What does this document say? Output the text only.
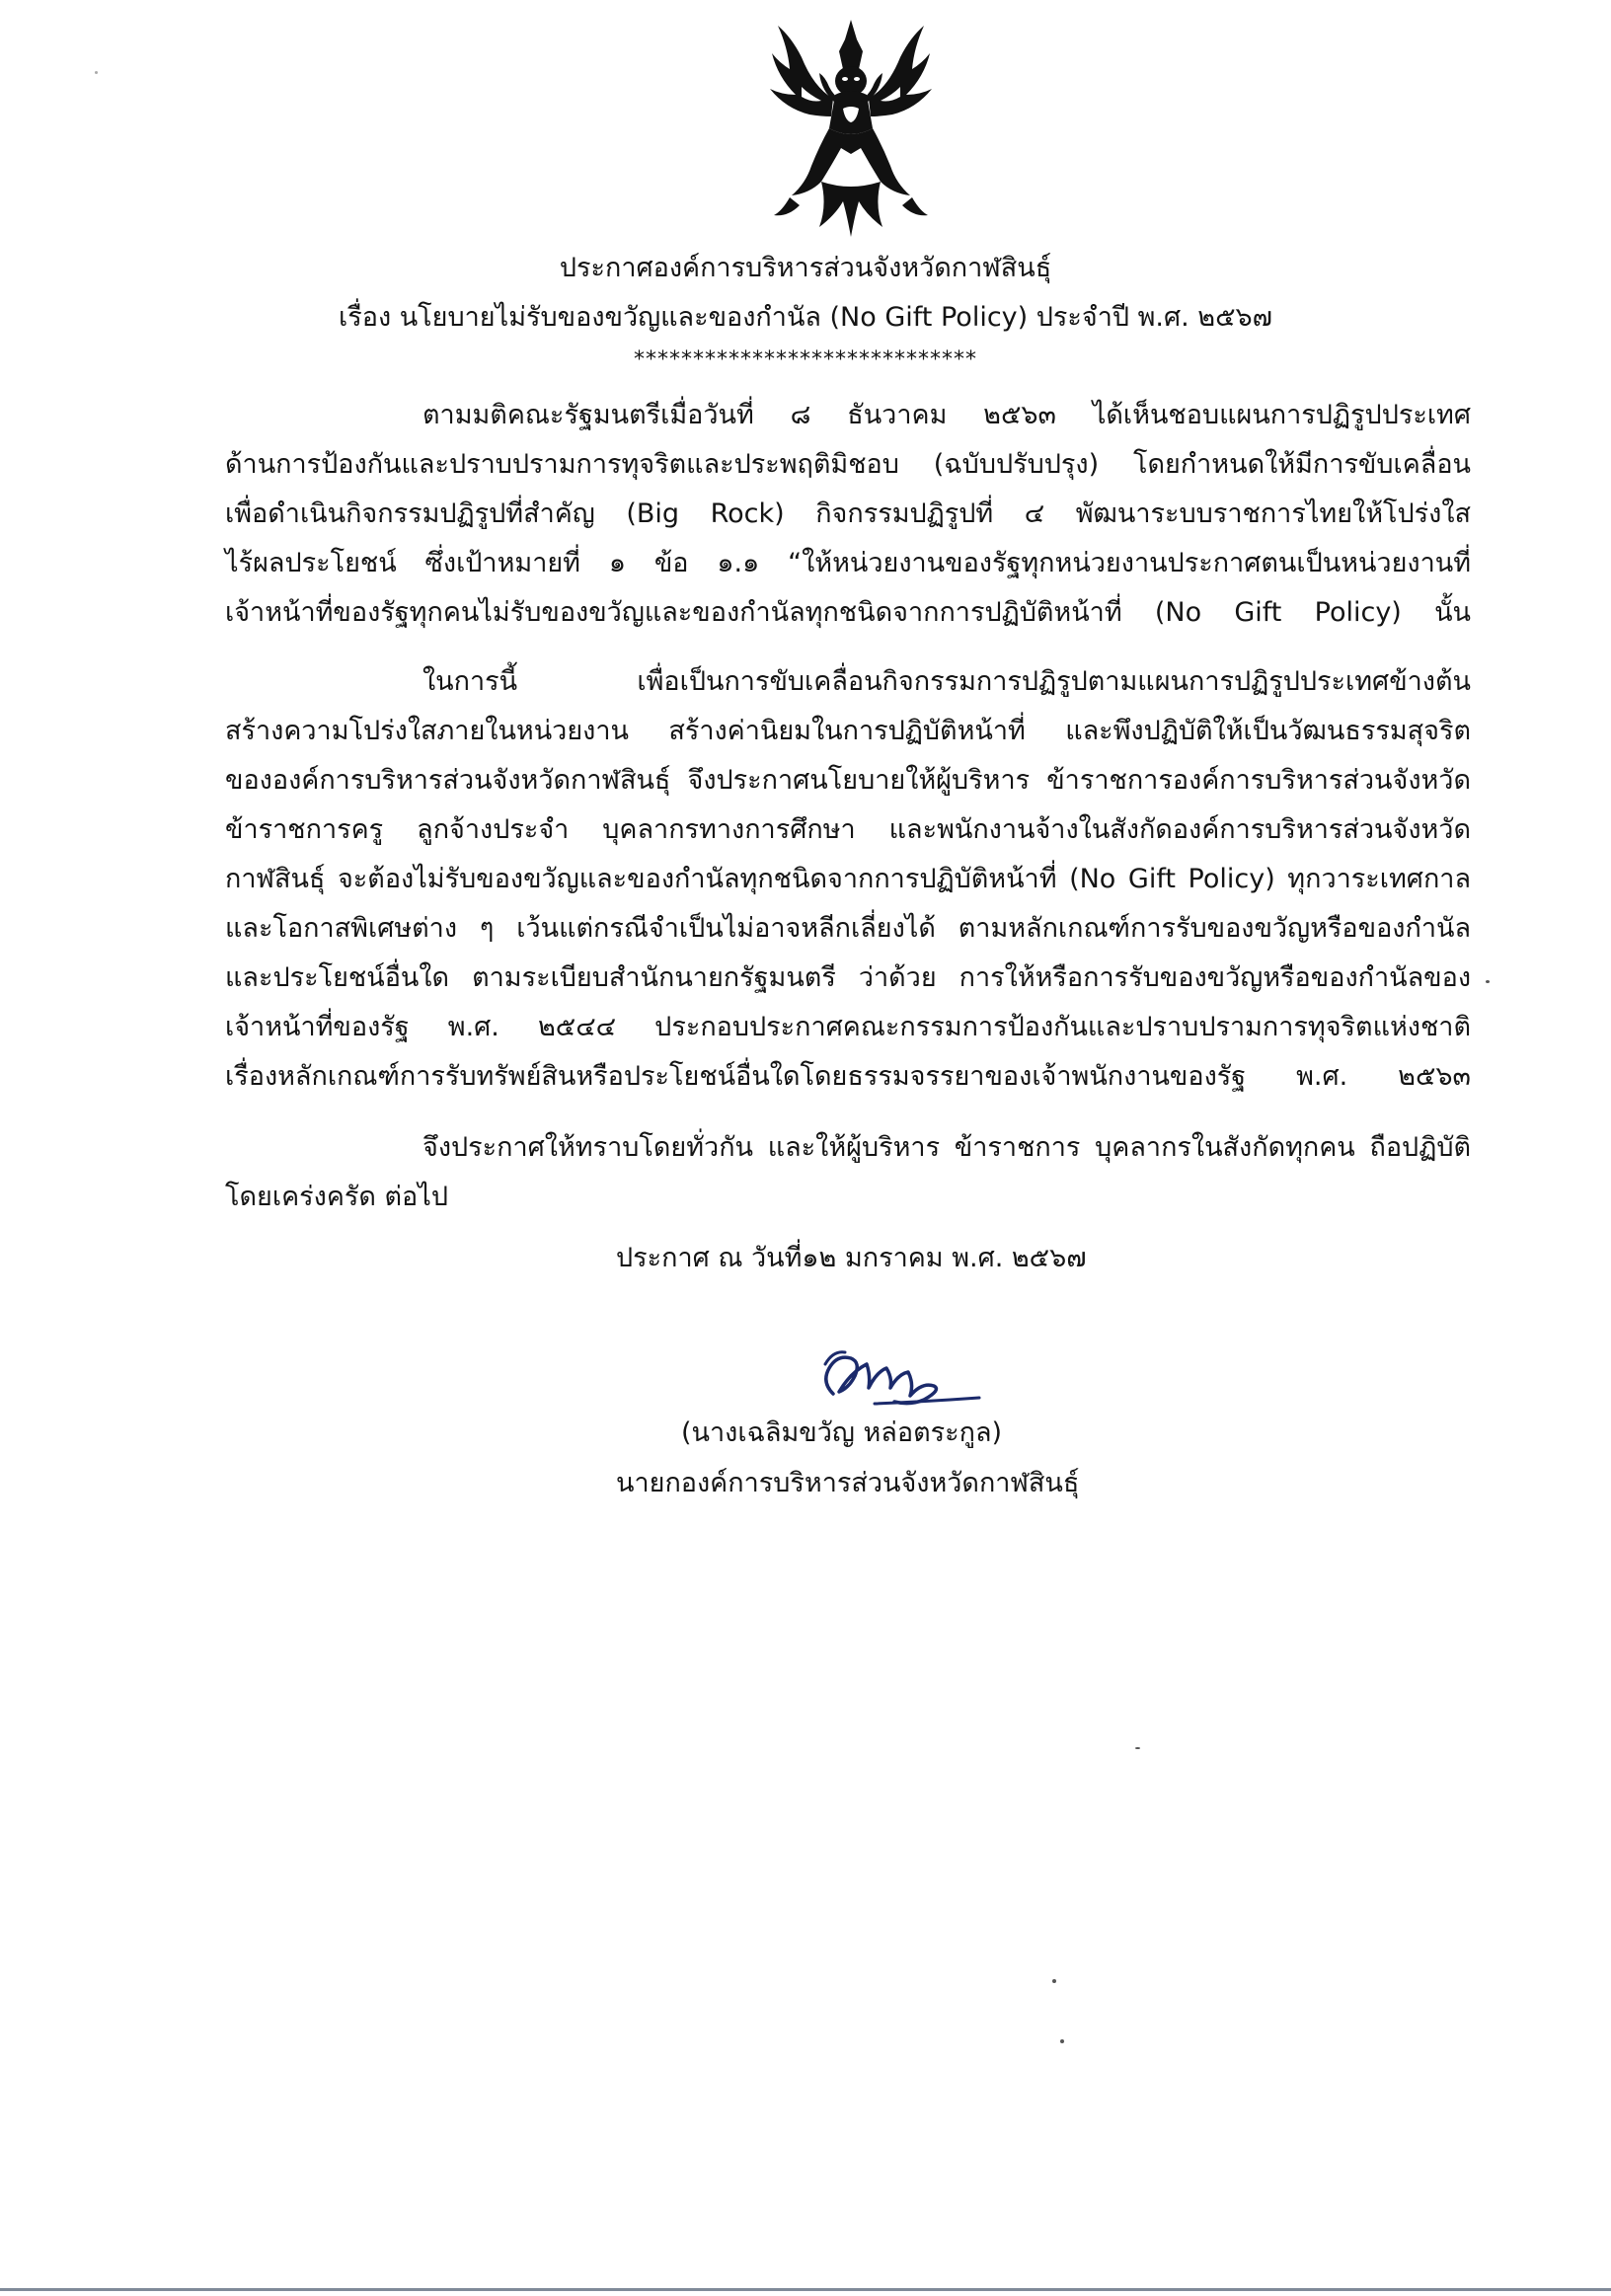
ประกาศองค์การบริหารส่วนจังหวัดกาฬสินธุ์
เรื่อง นโยบายไม่รับของขวัญและของกำนัล (No Gift Policy) ประจำปี พ.ศ. ๒๕๖๗
*****************************
ตามมติคณะรัฐมนตรีเมื่อวันที่ ๘ ธันวาคม ๒๕๖๓ ได้เห็นชอบแผนการปฏิรูปประเทศ
ด้านการป้องกันและปราบปรามการทุจริตและประพฤติมิชอบ (ฉบับปรับปรุง) โดยกำหนดให้มีการขับเคลื่อน
เพื่อดำเนินกิจกรรมปฏิรูปที่สำคัญ (Big Rock) กิจกรรมปฏิรูปที่ ๔ พัฒนาระบบราชการไทยให้โปร่งใส
ไร้ผลประโยชน์ ซึ่งเป้าหมายที่ ๑ ข้อ ๑.๑ “ให้หน่วยงานของรัฐทุกหน่วยงานประกาศตนเป็นหน่วยงานที่
เจ้าหน้าที่ของรัฐทุกคนไม่รับของขวัญและของกำนัลทุกชนิดจากการปฏิบัติหน้าที่ (No Gift Policy) นั้น
ในการนี้ เพื่อเป็นการขับเคลื่อนกิจกรรมการปฏิรูปตามแผนการปฏิรูปประเทศข้างต้น
สร้างความโปร่งใสภายในหน่วยงาน สร้างค่านิยมในการปฏิบัติหน้าที่ และพึงปฏิบัติให้เป็นวัฒนธรรมสุจริต
ขององค์การบริหารส่วนจังหวัดกาฬสินธุ์ จึงประกาศนโยบายให้ผู้บริหาร ข้าราชการองค์การบริหารส่วนจังหวัด
ข้าราชการครู ลูกจ้างประจำ บุคลากรทางการศึกษา และพนักงานจ้างในสังกัดองค์การบริหารส่วนจังหวัด
กาฬสินธุ์ จะต้องไม่รับของขวัญและของกำนัลทุกชนิดจากการปฏิบัติหน้าที่ (No Gift Policy) ทุกวาระเทศกาล
และโอกาสพิเศษต่าง ๆ เว้นแต่กรณีจำเป็นไม่อาจหลีกเลี่ยงได้ ตามหลักเกณฑ์การรับของขวัญหรือของกำนัล
และประโยชน์อื่นใด ตามระเบียบสำนักนายกรัฐมนตรี ว่าด้วย การให้หรือการรับของขวัญหรือของกำนัลของ
เจ้าหน้าที่ของรัฐ พ.ศ. ๒๕๔๔ ประกอบประกาศคณะกรรมการป้องกันและปราบปรามการทุจริตแห่งชาติ
เรื่องหลักเกณฑ์การรับทรัพย์สินหรือประโยชน์อื่นใดโดยธรรมจรรยาของเจ้าพนักงานของรัฐ พ.ศ. ๒๕๖๓
จึงประกาศให้ทราบโดยทั่วกัน และให้ผู้บริหาร ข้าราชการ บุคลากรในสังกัดทุกคน ถือปฏิบัติ
โดยเคร่งครัด ต่อไป
ประกาศ ณ วันที่๑๒ มกราคม พ.ศ. ๒๕๖๗
(นางเฉลิมขวัญ หล่อตระกูล)
นายกองค์การบริหารส่วนจังหวัดกาฬสินธุ์
